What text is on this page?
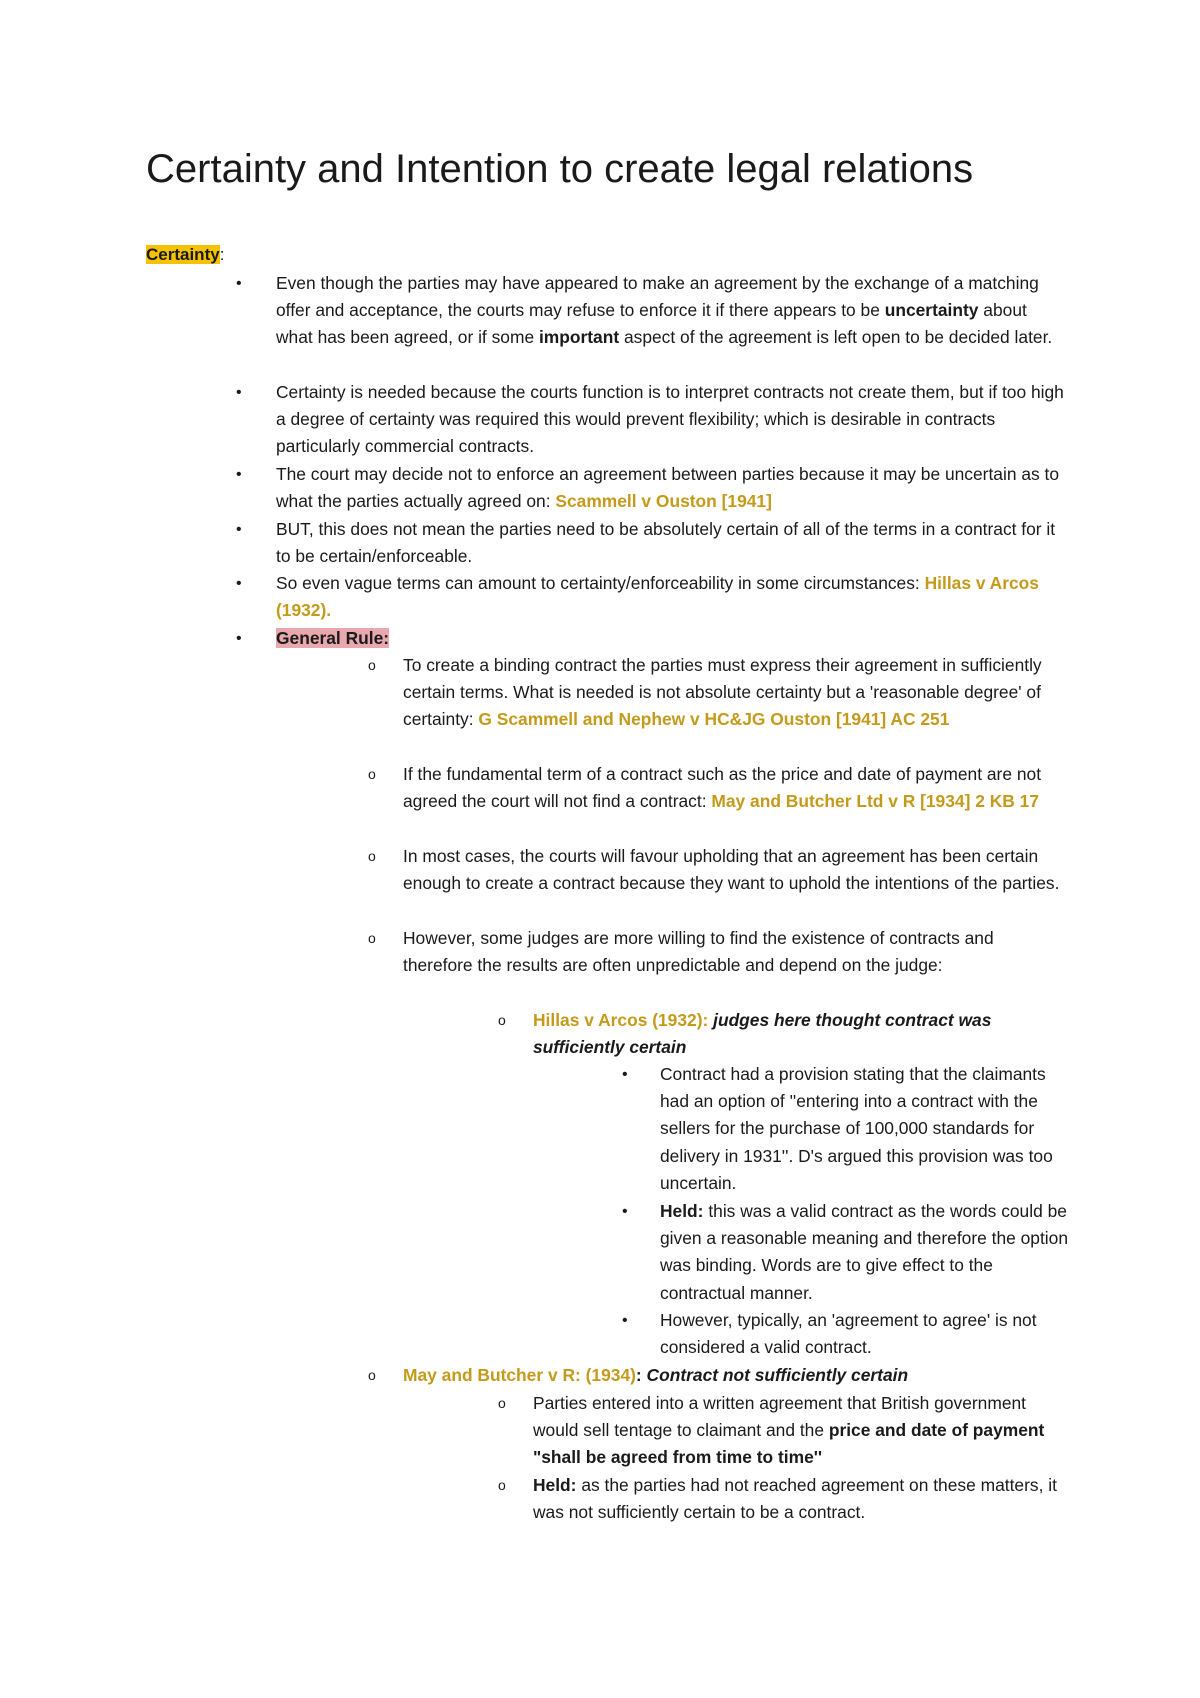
Certainty and Intention to create legal relations
Certainty:
• Even though the parties may have appeared to make an agreement by the exchange of a matching offer and acceptance, the courts may refuse to enforce it if there appears to be uncertainty about what has been agreed, or if some important aspect of the agreement is left open to be decided later.
• Certainty is needed because the courts function is to interpret contracts not create them, but if too high a degree of certainty was required this would prevent flexibility; which is desirable in contracts particularly commercial contracts.
• The court may decide not to enforce an agreement between parties because it may be uncertain as to what the parties actually agreed on: Scammell v Ouston [1941]
• BUT, this does not mean the parties need to be absolutely certain of all of the terms in a contract for it to be certain/enforceable.
• So even vague terms can amount to certainty/enforceability in some circumstances: Hillas v Arcos (1932).
• General Rule:
o To create a binding contract the parties must express their agreement in sufficiently certain terms. What is needed is not absolute certainty but a 'reasonable degree' of certainty: G Scammell and Nephew v HC&JG Ouston [1941] AC 251
o If the fundamental term of a contract such as the price and date of payment are not agreed the court will not find a contract: May and Butcher Ltd v R [1934] 2 KB 17
o In most cases, the courts will favour upholding that an agreement has been certain enough to create a contract because they want to uphold the intentions of the parties.
o However, some judges are more willing to find the existence of contracts and therefore the results are often unpredictable and depend on the judge:
o Hillas v Arcos (1932): judges here thought contract was sufficiently certain
• Contract had a provision stating that the claimants had an option of ''entering into a contract with the sellers for the purchase of 100,000 standards for delivery in 1931''. D's argued this provision was too uncertain.
• Held: this was a valid contract as the words could be given a reasonable meaning and therefore the option was binding. Words are to give effect to the contractual manner.
• However, typically, an 'agreement to agree' is not considered a valid contract.
o May and Butcher v R: (1934): Contract not sufficiently certain
o Parties entered into a written agreement that British government would sell tentage to claimant and the price and date of payment "shall be agreed from time to time''
o Held: as the parties had not reached agreement on these matters, it was not sufficiently certain to be a contract.
